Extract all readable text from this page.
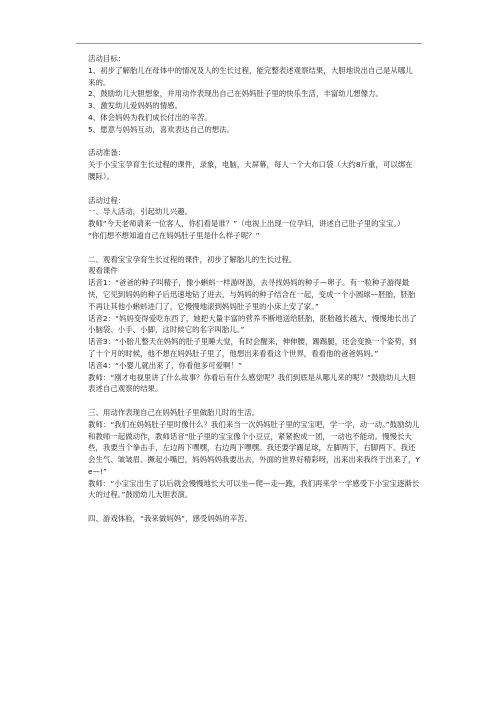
活动目标：

1、初步了解胎儿在母体中的情况及人的生长过程，能完整表述观察结果，大胆地说出自己是从哪儿来的。

2、鼓励幼儿大胆想象，并用动作表现出自己在妈妈肚子里的快乐生活，丰富幼儿想像力。

3、激发幼儿爱妈妈的情感。

4、体会妈妈为我们成长付出的辛苦。

5、愿意与妈妈互动，喜欢表达自己的想法。

活动准备：

关于小宝宝孕育生长过程的课件，录象，电脑，大屏幕，每人一个大布口袋（大约8斤重，可以绑在腰际）。

活动过程：

一、导入活动，引起幼儿兴趣。

教师“今天老师请来一位客人，你们看是谁？”（电视上出现一位孕妇，讲述自己肚子里的宝宝。）

“你们想不想知道自己在妈妈肚子里是什么样子呢？”

二、观看宝宝孕育生长过程的课件，初步了解胎儿的生长过程。

观看课件

话音1：“爸爸的种子叫精子，像小蝌蚪一样游呀游，去寻找妈妈的种子—卵子。有一粒种子游得最快，它见到妈妈的种子后迅速地钻了进去，与妈妈的种子结合在一起，变成一个小圆球—胚胎，胚胎不再让其他小蝌蚪进门了，它慢慢地滚到妈妈肚子里的小床上安了家。”

话音2：“妈妈变得爱吃东西了，她把大量丰富的营养不断地送给胚胎，胚胎越长越大，慢慢地长出了小脑袋、小手、小脚，这时候它的名字叫胎儿。”

话音3：“小胎儿整天在妈妈的肚子里睡大觉，有时会醒来，伸伸腰，踢踢腿，还会变换一个姿势，到了十个月的时候，他不想在妈妈肚子里了，他想出来看看这个世界，看看他的爸爸妈妈。”

话音4：“小婴儿就出来了，你看他多可爱啊！”

教师：“刚才电视里讲了什么故事？你看后有什么感觉呢？我们到底是从哪儿来的呢？”鼓励幼儿大胆表述自己观察的结果。

三、用动作表现自己在妈妈肚子里做胎儿时的生活。

教师：“我们在妈妈肚子里时像什么？我们来当一次妈妈肚子里的宝宝吧，学一学，动一动。”鼓励幼儿和教师一起做动作，教师话音“肚子里的宝宝像个小豆豆，紧紧抱成一团，一动也不能动。慢慢长大些，我要当个拳击手，左边两下嘿嘿，右边两下嘿嘿。我还要学踢足球，左脚两下，右脚两下。我还会生气、皱皱眉、撅起小嘴巴，妈妈妈妈我要出去，外面的世界好精彩呀，出来出来我终于出来了，Ye—!”

教师：“小宝宝出生了以后就会慢慢地长大可以坐—爬—走—跑，我们再来学一学感受下小宝宝逐渐长大的过程。”鼓励幼儿大胆表演。

四、游戏体验，“我来做妈妈”，感受妈妈的辛苦。
